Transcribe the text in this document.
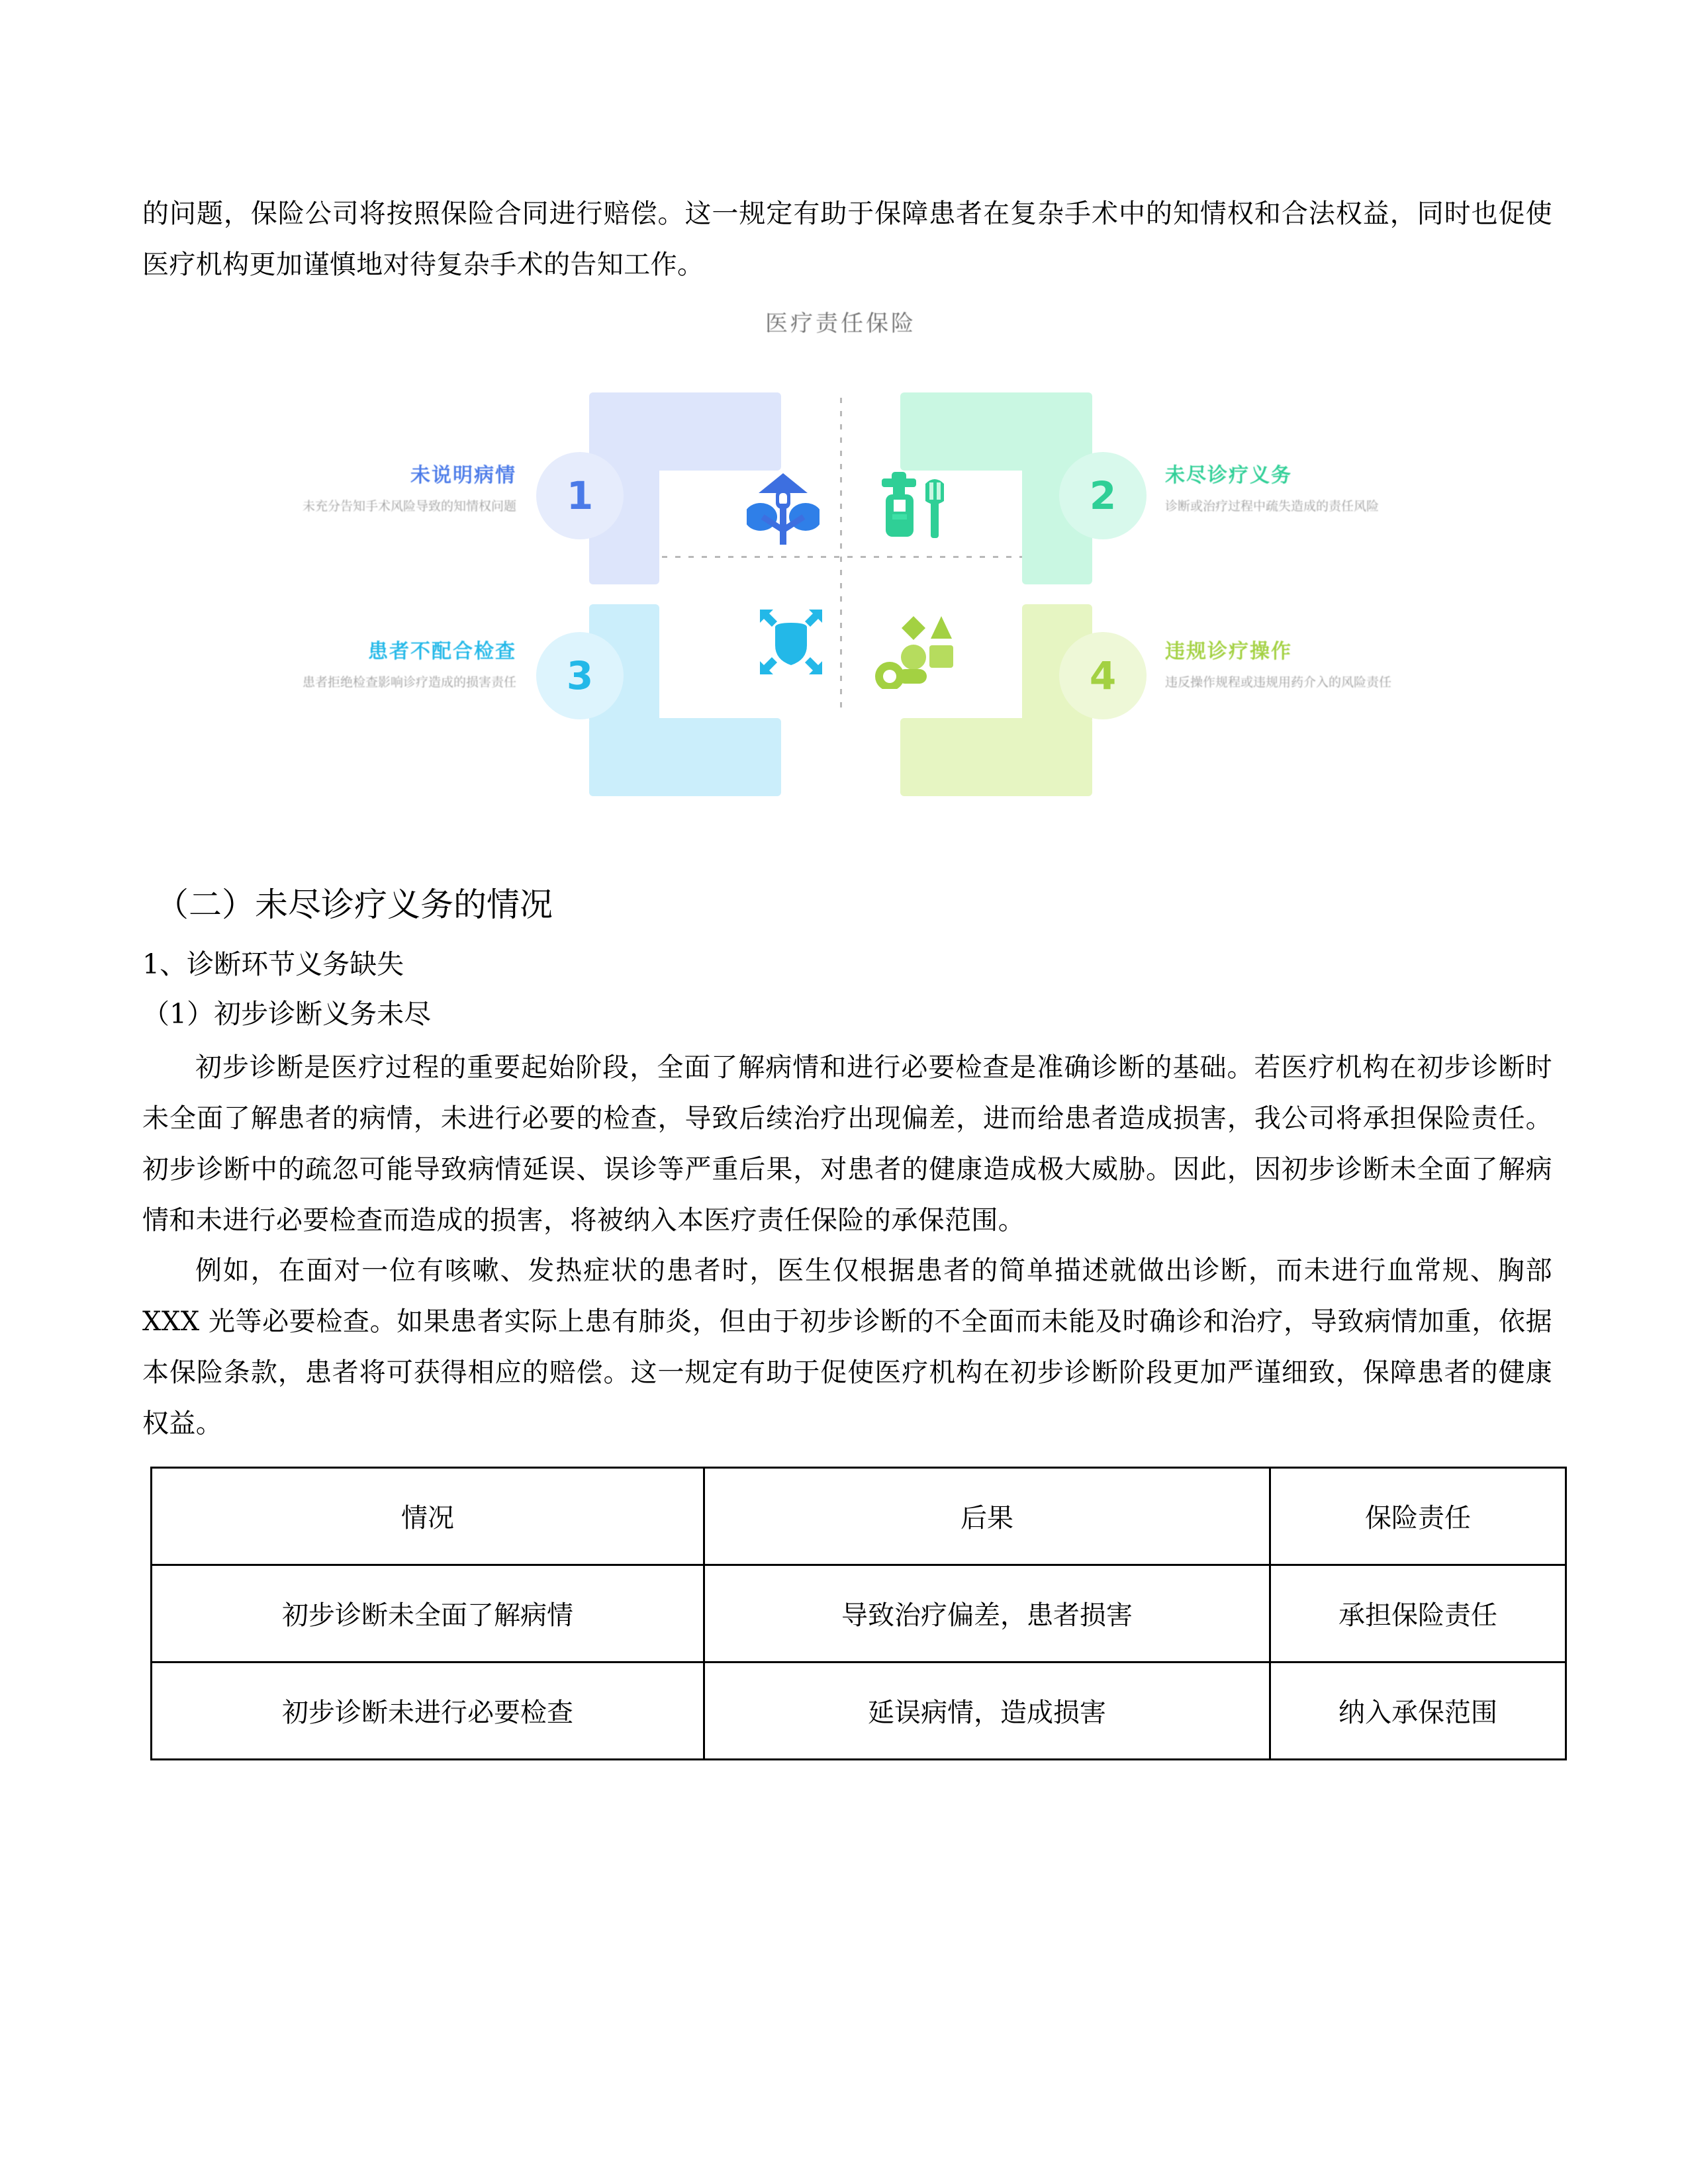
的问题，保险公司将按照保险合同进行赔偿。这一规定有助于保障患者在复杂手术中的知情权和合法权益，同时也促使医疗机构更加谨慎地对待复杂手术的告知工作。

医疗责任保险
1
未说明病情
未充分告知手术风险导致的知情权问题	2 未尽诊疗义务
诊断或治疗过程中疏失造成的责任风险
3
患者不配合检查
患者拒绝检查影响诊疗造成的损害责任	4
违规诊疗操作
违反操作规程或违规用药介入的风险责任
（二）未尽诊疗义务的情况
1、诊断环节义务缺失
（1）初步诊断义务未尽

初步诊断是医疗过程的重要起始阶段，全面了解病情和进行必要检查是准确诊断的基础。若医疗机构在初步诊断时未全面了解患者的病情，未进行必要的检查，导致后续治疗出现偏差，进而给患者造成损害，我公司将承担保险责任。初步诊断中的疏忽可能导致病情延误、误诊等严重后果，对患者的健康造成极大威胁。因此，因初步诊断未全面了解病情和未进行必要检查而造成的损害，将被纳入本医疗责任保险的承保范围。

例如，在面对一位有咳嗽、发热症状的患者时，医生仅根据患者的简单描述就做出诊断，而未进行血常规、胸部 XXX 光等必要检查。如果患者实际上患有肺炎，但由于初步诊断的不全面而未能及时确诊和治疗，导致病情加重，依据本保险条款，患者将可获得相应的赔偿。这一规定有助于促使医疗机构在初步诊断阶段更加严谨细致，保障患者的健康权益。

情况	后果	保险责任
初步诊断未全面了解病情	导致治疗偏差，患者损害	承担保险责任
初步诊断未进行必要检查	延误病情，造成损害	纳入承保范围
